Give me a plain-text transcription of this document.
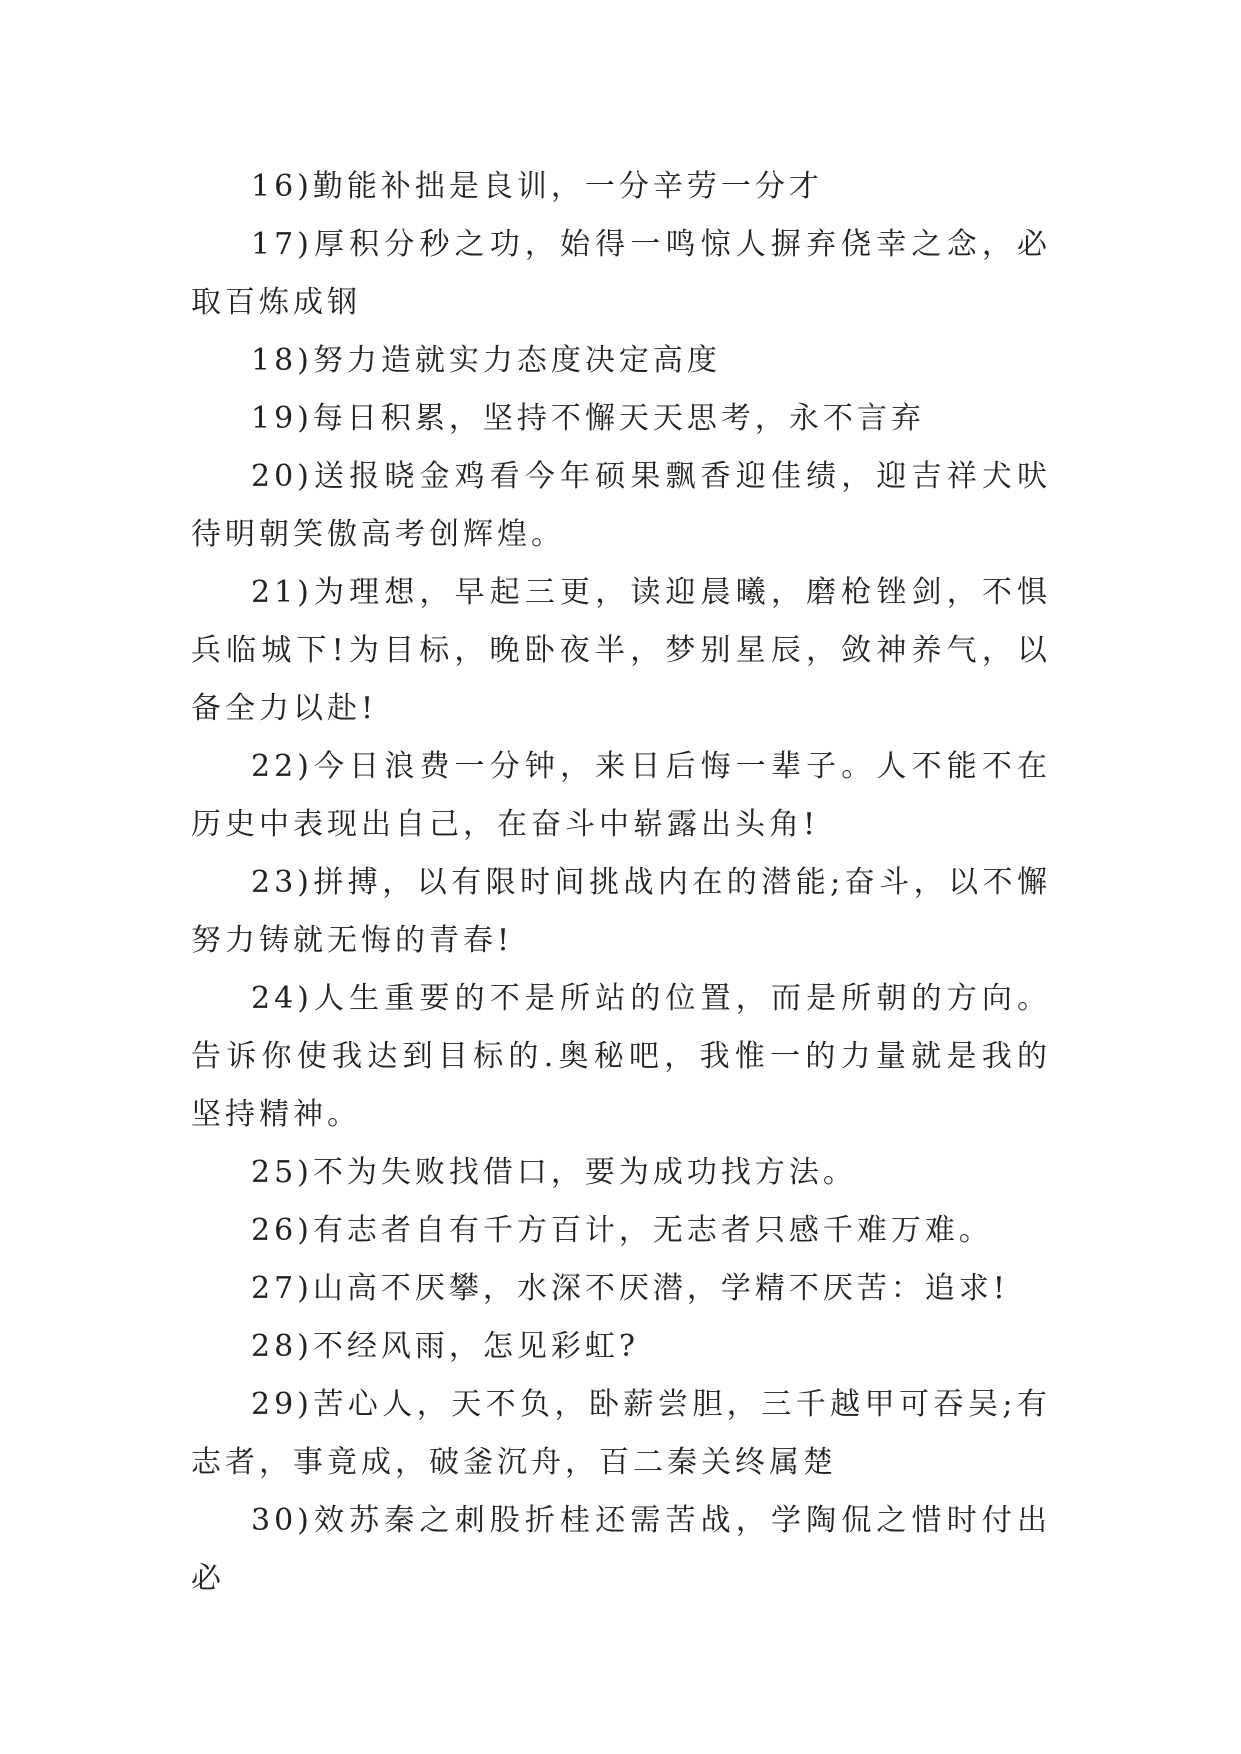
16)勤能补拙是良训，一分辛劳一分才

17)厚积分秒之功，始得一鸣惊人摒弃侥幸之念，必取百炼成钢

18)努力造就实力态度决定高度

19)每日积累，坚持不懈天天思考，永不言弃

20)送报晓金鸡看今年硕果飘香迎佳绩，迎吉祥犬吠待明朝笑傲高考创辉煌。

21)为理想，早起三更，读迎晨曦，磨枪锉剑，不惧兵临城下!为目标，晚卧夜半，梦别星辰，敛神养气，以备全力以赴!

22)今日浪费一分钟，来日后悔一辈子。人不能不在历史中表现出自己，在奋斗中崭露出头角!

23)拼搏，以有限时间挑战内在的潜能;奋斗，以不懈努力铸就无悔的青春!

24)人生重要的不是所站的位置，而是所朝的方向。告诉你使我达到目标的.奥秘吧，我惟一的力量就是我的坚持精神。

25)不为失败找借口，要为成功找方法。

26)有志者自有千方百计，无志者只感千难万难。

27)山高不厌攀，水深不厌潜，学精不厌苦：追求!

28)不经风雨，怎见彩虹?

29)苦心人，天不负，卧薪尝胆，三千越甲可吞吴;有志者，事竟成，破釜沉舟，百二秦关终属楚

30)效苏秦之刺股折桂还需苦战，学陶侃之惜时付出必
